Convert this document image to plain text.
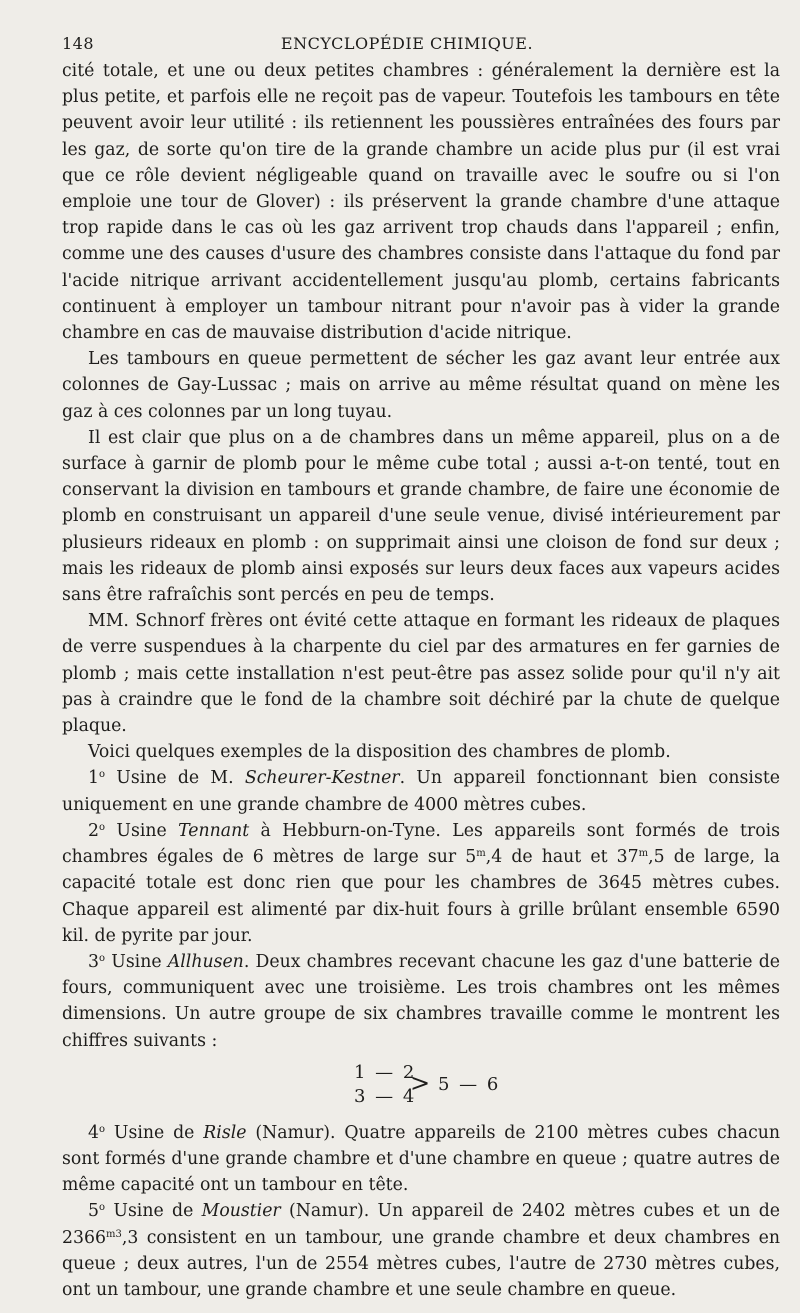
148	ENCYCLOPÉDIE CHIMIQUE.

cité totale, et une ou deux petites chambres : généralement la dernière est la plus petite, et parfois elle ne reçoit pas de vapeur. Toutefois les tambours en tête peuvent avoir leur utilité : ils retiennent les poussières entraînées des fours par les gaz, de sorte qu'on tire de la grande chambre un acide plus pur (il est vrai que ce rôle devient négligeable quand on travaille avec le soufre ou si l'on emploie une tour de Glover) : ils préservent la grande chambre d'une attaque trop rapide dans le cas où les gaz arrivent trop chauds dans l'appareil ; enfin, comme une des causes d'usure des chambres consiste dans l'attaque du fond par l'acide nitrique arrivant accidentellement jusqu'au plomb, certains fabricants continuent à employer un tambour nitrant pour n'avoir pas à vider la grande chambre en cas de mauvaise distribution d'acide nitrique.

Les tambours en queue permettent de sécher les gaz avant leur entrée aux colonnes de Gay-Lussac ; mais on arrive au même résultat quand on mène les gaz à ces colonnes par un long tuyau.

Il est clair que plus on a de chambres dans un même appareil, plus on a de surface à garnir de plomb pour le même cube total ; aussi a-t-on tenté, tout en conservant la division en tambours et grande chambre, de faire une économie de plomb en construisant un appareil d'une seule venue, divisé intérieurement par plusieurs rideaux en plomb : on supprimait ainsi une cloison de fond sur deux ; mais les rideaux de plomb ainsi exposés sur leurs deux faces aux vapeurs acides sans être rafraîchis sont percés en peu de temps.

MM. Schnorf frères ont évité cette attaque en formant les rideaux de plaques de verre suspendues à la charpente du ciel par des armatures en fer garnies de plomb ; mais cette installation n'est peut-être pas assez solide pour qu'il n'y ait pas à craindre que le fond de la chambre soit déchiré par la chute de quelque plaque.

Voici quelques exemples de la disposition des chambres de plomb.

1$^o$ Usine de M. Scheurer-Kestner. Un appareil fonctionnant bien consiste uniquement en une grande chambre de 4000 mètres cubes.

2$^o$ Usine Tennant à Hebburn-on-Tyne. Les appareils sont formés de trois chambres égales de 6 mètres de large sur 5$^m$,4 de haut et 37$^m$,5 de large, la capacité totale est donc rien que pour les chambres de 3645 mètres cubes. Chaque appareil est alimenté par dix-huit fours à grille brûlant ensemble 6590 kil. de pyrite par jour.

3$^o$ Usine Allhusen. Deux chambres recevant chacune les gaz d'une batterie de fours, communiquent avec une troisième. Les trois chambres ont les mêmes dimensions. Un autre groupe de six chambres travaille comme le montrent les chiffres suivants :

1 — 2
3 — 4
> 5 — 6

4$^o$ Usine de Risle (Namur). Quatre appareils de 2100 mètres cubes chacun sont formés d'une grande chambre et d'une chambre en queue ; quatre autres de même capacité ont un tambour en tête.

5$^o$ Usine de Moustier (Namur). Un appareil de 2402 mètres cubes et un de $2366^{m3},3$ consistent en un tambour, une grande chambre et deux chambres en queue ; deux autres, l'un de 2554 mètres cubes, l'autre de 2730 mètres cubes, ont un tambour, une grande chambre et une seule chambre en queue.
